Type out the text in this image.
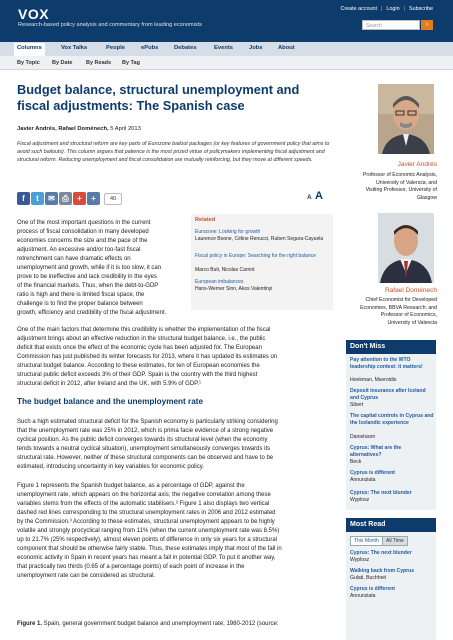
VOX
Research-based policy analysis and commentary from leading economists
Create account | Login | Subscribe
Search	›
Columns	Vox Talks	People	ePubs	Debates	Events	Jobs	About
By Topic By Date By Reads By Tag
Budget balance, structural unemployment and fiscal adjustments: The Spanish case
Javier Andrés, Rafael Doménech, 5 April 2013
Fiscal adjustment and structural reform are key parts of Eurozone bailout packages (or key features of government policy that aims to avoid such bailouts). This column argues that patience is the most prized virtue of policymakers implementing fiscal adjustment and structural reform. Reducing unemployment and fiscal consolidation are mutually reinforcing, but they move at different speeds.
f	t	✉ ⎙	+	+	40	A A
Javier Andrés
Professor of Economic Analysis,
University of Valencia; and
Visiting Professor, University of
Glasgow
Rafael Doménech
Chief Economist for Developed
Economies, BBVA Research; and
Professor of Economics,
University of Valencia
One of the most important questions in the current
process of fiscal consolidation in many developed
economies concerns the size and the pace of the
adjustment. An excessive and/or too-fast fiscal
retrenchment can have dramatic effects on
unemployment and growth, while if it is too slow, it can
prove to be ineffective and lack credibility in the eyes
of the financial markets. Thus, when the debt-to-GDP
ratio is high and there is limited fiscal space, the
challenge is to find the proper balance between
growth, efficiency and credibility of the fiscal adjustment.
Related
Eurozone: Looking for growth
Laurence Boone, Céline Renucci, Ruben Segura-Cayuela
Fiscal policy in Europe: Searching for the right balance
Marco Buti, Nicolas Carnot
European imbalances
Hans-Werner Sinn, Akos Valentinyi
One of the main factors that determine this credibility is whether the implementation of the fiscal
adjustment brings about an effective reduction in the structural budget balance, i.e., the public
deficit that exists once the effect of the economic cycle has been adjusted for. The European
Commission has just published its winter forecasts for 2013, where it has updated its estimates on
structural budget balance. According to these estimates, for ten of European economies the
structural public deficit exceeds 3% of their GDP. Spain is the country with the third highest
structural deficit in 2012, after Ireland and the UK, with 5.9% of GDP.¹
The budget balance and the unemployment rate
Such a high estimated structural deficit for the Spanish economy is particularly striking considering
that the unemployment rate was 25% in 2012, which is prima facie evidence of a strong negative
cyclical position. As the public deficit converges towards its structural level (when the economy
tends towards a neutral cyclical situation), unemployment simultaneously converges towards its
structural rate. However, neither of these structural components can be observed and have to be
estimated, introducing uncertainty in key variables for economic policy.
Figure 1 represents the Spanish budget balance, as a percentage of GDP, against the
unemployment rate, which appears on the horizontal axis; the negative correlation among these
variables stems from the effects of the automatic stabilisers.² Figure 1 also displays two vertical
dashed red lines corresponding to the structural unemployment rates in 2006 and 2012 estimated
by the Commission.³ According to these estimates, structural unemployment appears to be highly
volatile and strongly procyclical ranging from 11% (when the current unemployment rate was 8.5%)
up to 21.7% (25% respectively), almost eleven points of difference in only six years for a structural
component that should be otherwise fairly stable. Thus, these estimates imply that most of the fall in
economic activity in Spain in recent years has meant a fall in potential GDP. To put it another way,
that practically two thirds (0.65 of a percentage points) of each point of increase in the
unemployment rate can be considered as structural.
Figure 1. Spain, general government budget balance and unemployment rate, 1980-2012 (source:
Don't Miss
Pay attention to the WTO leadership contest: it matters!
Hoekman, Mavroidis
Deposit insurance after Iceland and Cyprus
Sibert
The capital controls in Cyprus and the Icelandic experience
Danielsson
Cyprus: What are the alternatives?
Beck
Cyprus is different
Annunziata
Cyprus: The next blunder
Wyplosz
Most Read
This Month	All Time
Cyprus: The next blunder
Wyplosz
Walking back from Cyprus
Gulati, Buchheit
Cyprus is different
Annunziata
